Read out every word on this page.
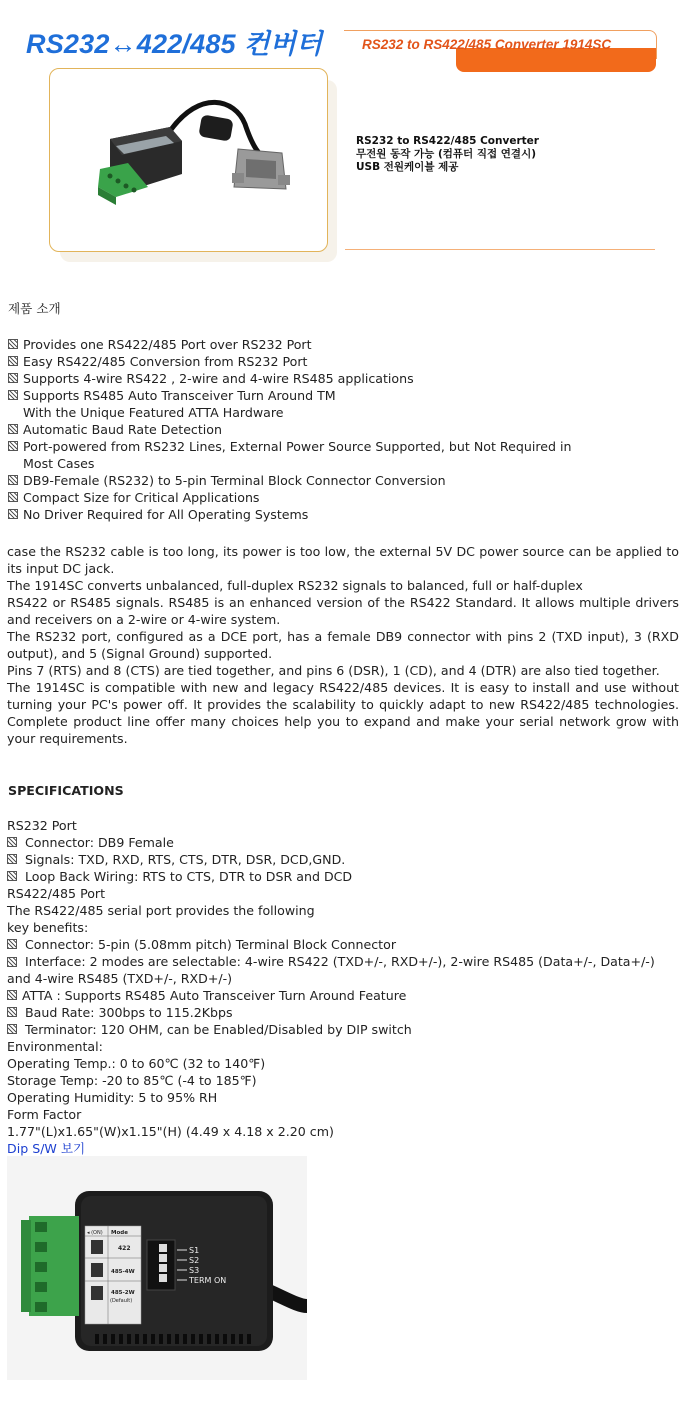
RS232↔422/485 컨버터	RS232 to RS422/485 Converter 1914SC
RS232 to RS422/485 Converter
무전원 동작 가능 (컴퓨터 직접 연결시)
USB 전원케이블 제공
제품 소개
Provides one RS422/485 Port over RS232 Port
Easy RS422/485 Conversion from RS232 Port
Supports 4-wire RS422 , 2-wire and 4-wire RS485 applications
Supports RS485 Auto Transceiver Turn Around TM
With the Unique Featured ATTA Hardware
Automatic Baud Rate Detection
Port-powered from RS232 Lines, External Power Source Supported, but Not Required in
Most Cases
DB9-Female (RS232) to 5-pin Terminal Block Connector Conversion
Compact Size for Critical Applications
No Driver Required for All Operating Systems

case the RS232 cable is too long, its power is too low, the external 5V DC power source can be applied to its input DC jack.

The 1914SC converts unbalanced, full-duplex RS232 signals to balanced, full or half-duplex

RS422 or RS485 signals. RS485 is an enhanced version of the RS422 Standard. It allows multiple drivers and receivers on a 2-wire or 4-wire system.

The RS232 port, configured as a DCE port, has a female DB9 connector with pins 2 (TXD input), 3 (RXD output), and 5 (Signal Ground) supported.

Pins 7 (RTS) and 8 (CTS) are tied together, and pins 6 (DSR), 1 (CD), and 4 (DTR) are also tied together.

The 1914SC is compatible with new and legacy RS422/485 devices. It is easy to install and use without turning your PC's power off. It provides the scalability to quickly adapt to new RS422/485 technologies. Complete product line offer many choices help you to expand and make your serial network grow with your requirements.

SPECIFICATIONS
RS232 Port
Connector: DB9 Female
Signals: TXD, RXD, RTS, CTS, DTR, DSR, DCD,GND.
Loop Back Wiring: RTS to CTS, DTR to DSR and DCD
RS422/485 Port
The RS422/485 serial port provides the following
key benefits:
Connector: 5-pin (5.08mm pitch) Terminal Block Connector
Interface: 2 modes are selectable: 4-wire RS422 (TXD+/-, RXD+/-), 2-wire RS485 (Data+/-, Data+/-) and 4-wire RS485 (TXD+/-, RXD+/-)
ATTA : Supports RS485 Auto Transceiver Turn Around Feature
Baud Rate: 300bps to 115.2Kbps
Terminator: 120 OHM, can be Enabled/Disabled by DIP switch
Environmental:
Operating Temp.: 0 to 60℃ (32 to 140℉)
Storage Temp: -20 to 85℃ (-4 to 185℉)
Operating Humidity: 5 to 95% RH
Form Factor
1.77"(L)x1.65"(W)x1.15"(H) (4.49 x 4.18 x 2.20 cm)
Dip S/W 보기
◂ (ON) Mode
422
485-4W
485-2W
(Default)
S1
S2
S3
TERM ON
